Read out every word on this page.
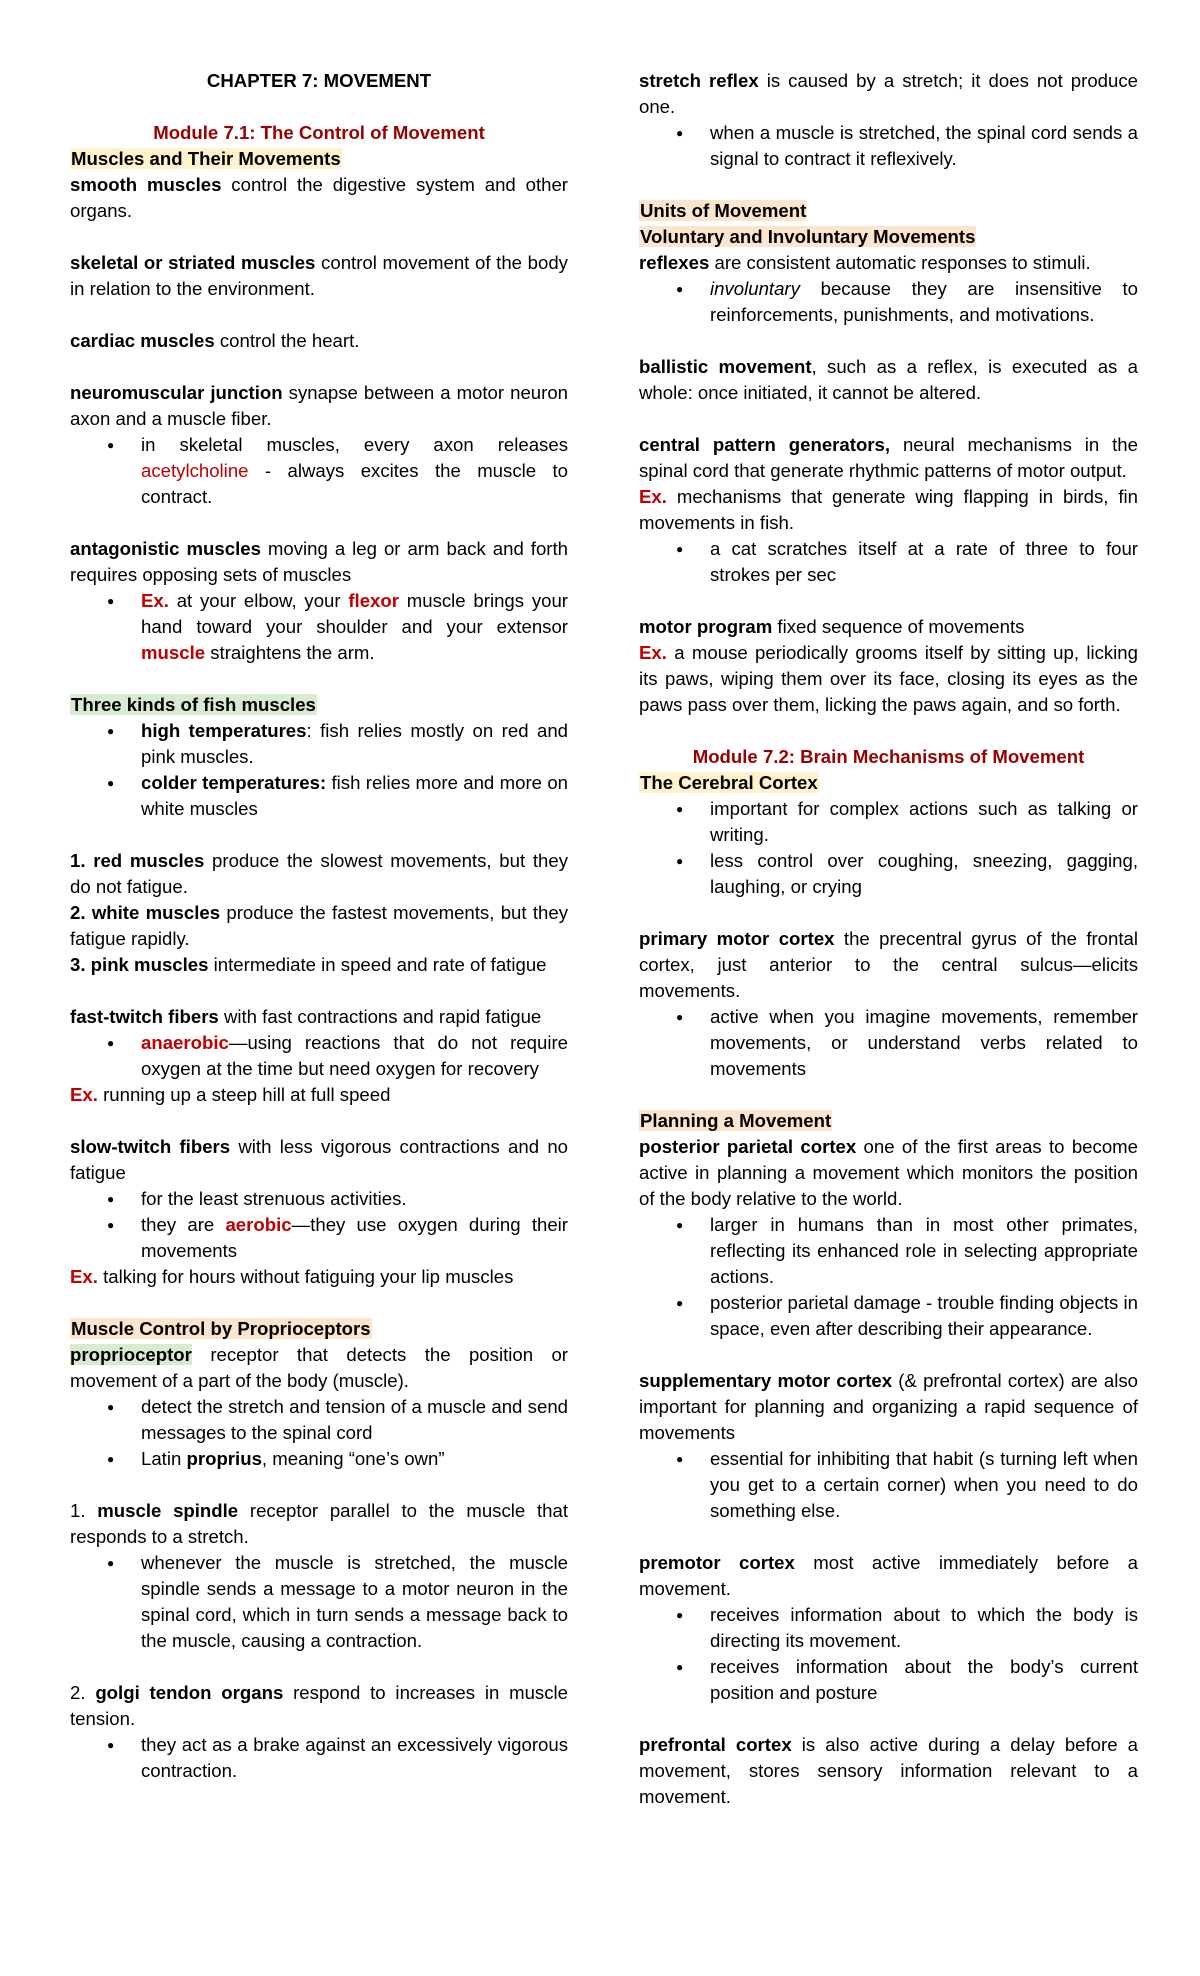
CHAPTER 7: MOVEMENT

Module 7.1: The Control of Movement

Muscles and Their Movements

smooth muscles control the digestive system and other organs.

skeletal or striated muscles control movement of the body in relation to the environment.

cardiac muscles control the heart.

neuromuscular junction synapse between a motor neuron axon and a muscle fiber.

● in skeletal muscles, every axon releases acetylcholine - always excites the muscle to contract.

antagonistic muscles moving a leg or arm back and forth requires opposing sets of muscles

● Ex. at your elbow, your flexor muscle brings your hand toward your shoulder and your extensor muscle straightens the arm.

Three kinds of fish muscles

● high temperatures: fish relies mostly on red and pink muscles.
● colder temperatures: fish relies more and more on white muscles

1. red muscles produce the slowest movements, but they do not fatigue.

2. white muscles produce the fastest movements, but they fatigue rapidly.

3. pink muscles intermediate in speed and rate of fatigue

fast-twitch fibers with fast contractions and rapid fatigue

● anaerobic—using reactions that do not require oxygen at the time but need oxygen for recovery

Ex. running up a steep hill at full speed

slow-twitch fibers with less vigorous contractions and no fatigue

● for the least strenuous activities.
● they are aerobic—they use oxygen during their movements

Ex. talking for hours without fatiguing your lip muscles

Muscle Control by Proprioceptors

proprioceptor receptor that detects the position or movement of a part of the body (muscle).

● detect the stretch and tension of a muscle and send messages to the spinal cord
● Latin proprius, meaning “one’s own”

1. muscle spindle receptor parallel to the muscle that responds to a stretch.

● whenever the muscle is stretched, the muscle spindle sends a message to a motor neuron in the spinal cord, which in turn sends a message back to the muscle, causing a contraction.

2. golgi tendon organs respond to increases in muscle tension.

● they act as a brake against an excessively vigorous contraction.

stretch reflex is caused by a stretch; it does not produce one.

● when a muscle is stretched, the spinal cord sends a signal to contract it reflexively.

Units of Movement

Voluntary and Involuntary Movements

reflexes are consistent automatic responses to stimuli.

● involuntary because they are insensitive to reinforcements, punishments, and motivations.

ballistic movement, such as a reflex, is executed as a whole: once initiated, it cannot be altered.

central pattern generators, neural mechanisms in the spinal cord that generate rhythmic patterns of motor output.

Ex. mechanisms that generate wing flapping in birds, fin movements in fish.

● a cat scratches itself at a rate of three to four strokes per sec

motor program fixed sequence of movements

Ex. a mouse periodically grooms itself by sitting up, licking its paws, wiping them over its face, closing its eyes as the paws pass over them, licking the paws again, and so forth.

Module 7.2: Brain Mechanisms of Movement

The Cerebral Cortex

● important for complex actions such as talking or writing.
● less control over coughing, sneezing, gagging, laughing, or crying

primary motor cortex the precentral gyrus of the frontal cortex, just anterior to the central sulcus—elicits movements.

● active when you imagine movements, remember movements, or understand verbs related to movements

Planning a Movement

posterior parietal cortex one of the first areas to become active in planning a movement which monitors the position of the body relative to the world.

● larger in humans than in most other primates, reflecting its enhanced role in selecting appropriate actions.
● posterior parietal damage - trouble finding objects in space, even after describing their appearance.

supplementary motor cortex (& prefrontal cortex) are also important for planning and organizing a rapid sequence of movements

● essential for inhibiting that habit (s turning left when you get to a certain corner) when you need to do something else.

premotor cortex most active immediately before a movement.

● receives information about to which the body is directing its movement.
● receives information about the body’s current position and posture

prefrontal cortex is also active during a delay before a movement, stores sensory information relevant to a movement.
